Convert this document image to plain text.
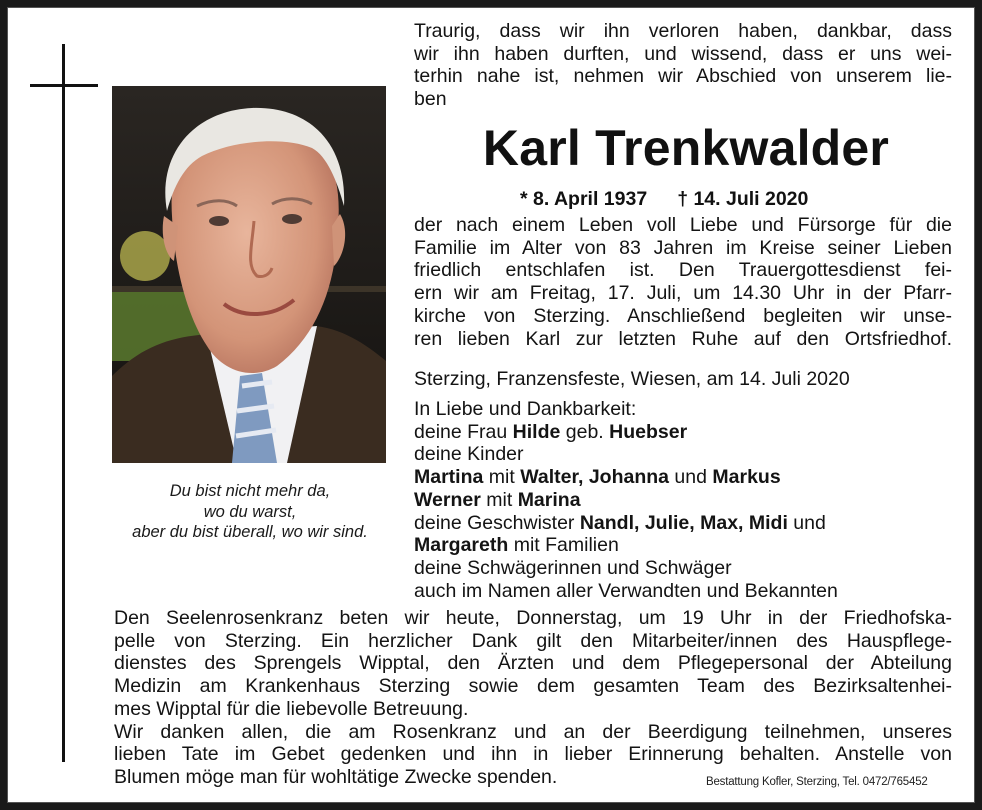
Du bist nicht mehr da,
wo du warst,
aber du bist überall, wo wir sind.
Traurig, dass wir ihn verloren haben, dankbar, dass
wir ihn haben durften, und wissend, dass er uns wei-
terhin nahe ist, nehmen wir Abschied von unserem lie-
ben
Karl Trenkwalder
* 8. April 1937 † 14. Juli 2020
der nach einem Leben voll Liebe und Fürsorge für die
Familie im Alter von 83 Jahren im Kreise seiner Lieben
friedlich entschlafen ist. Den Trauergottesdienst fei-
ern wir am Freitag, 17. Juli, um 14.30 Uhr in der Pfarr-
kirche von Sterzing. Anschließend begleiten wir unse-
ren lieben Karl zur letzten Ruhe auf den Ortsfriedhof.
Sterzing, Franzensfeste, Wiesen, am 14. Juli 2020
In Liebe und Dankbarkeit:
deine Frau Hilde geb. Huebser
deine Kinder
Martina mit Walter, Johanna und Markus
Werner mit Marina
deine Geschwister Nandl, Julie, Max, Midi und
Margareth mit Familien
deine Schwägerinnen und Schwäger
auch im Namen aller Verwandten und Bekannten
Den Seelenrosenkranz beten wir heute, Donnerstag, um 19 Uhr in der Friedhofska-
pelle von Sterzing. Ein herzlicher Dank gilt den Mitarbeiter/innen des Hauspflege-
dienstes des Sprengels Wipptal, den Ärzten und dem Pflegepersonal der Abteilung
Medizin am Krankenhaus Sterzing sowie dem gesamten Team des Bezirksaltenhei-
mes Wipptal für die liebevolle Betreuung.
Wir danken allen, die am Rosenkranz und an der Beerdigung teilnehmen, unseres
lieben Tate im Gebet gedenken und ihn in lieber Erinnerung behalten. Anstelle von
Blumen möge man für wohltätige Zwecke spenden.	Bestattung Kofler, Sterzing, Tel. 0472/765452
